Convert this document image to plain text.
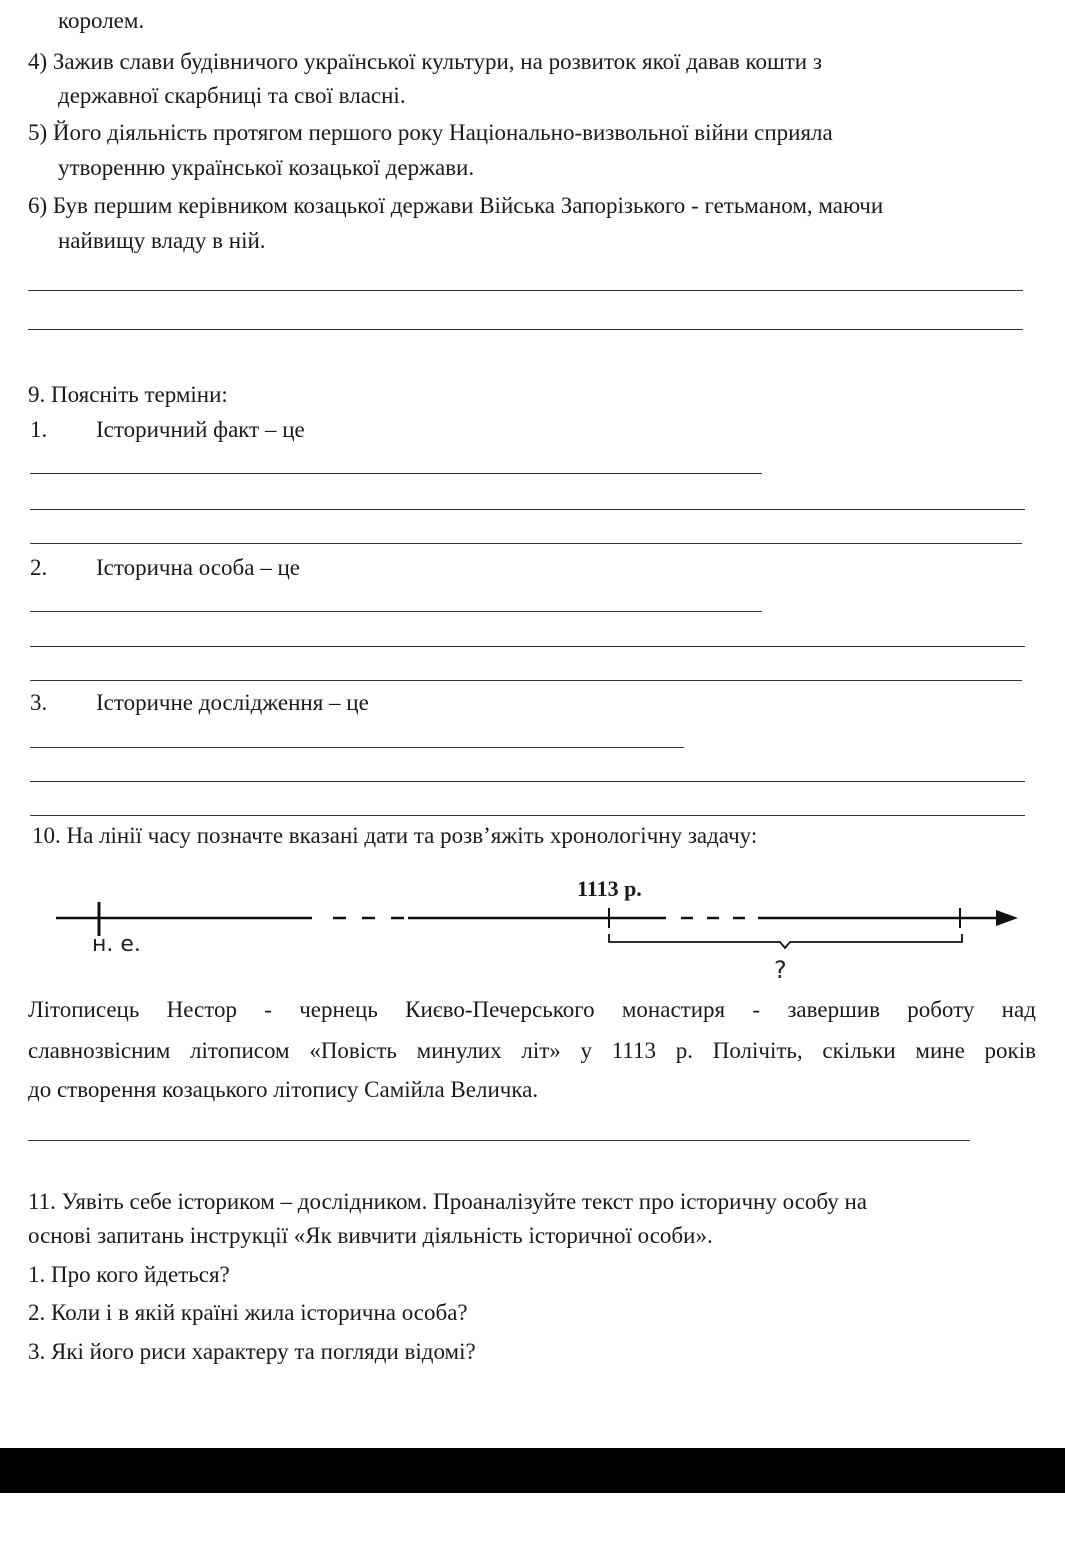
королем.
4) Зажив слави будівничого української культури, на розвиток якої давав кошти з
державної скарбниці та свої власні.
5) Його діяльність протягом першого року Національно-визвольної війни сприяла
утворенню української козацької держави.
6) Був першим керівником козацької держави Війська Запорізького - гетьманом, маючи
найвищу владу в ній.
9. Поясніть терміни:
1. Історичний факт – це
2. Історична особа – це
3. Історичне дослідження – це
10. На лінії часу позначте вказані дати та розв’яжіть хронологічну задачу:
1113 р.
н. е.
?
Літописець Нестор - чернець Києво-Печерського монастиря - завершив роботу над
славнозвісним літописом «Повість минулих літ» у 1113 р. Полічіть, скільки мине років
до створення козацького літопису Самійла Величка.
11. Уявіть себе істориком – дослідником. Проаналізуйте текст про історичну особу на
основі запитань інструкції «Як вивчити діяльність історичної особи».
1. Про кого йдеться?
2. Коли і в якій країні жила історична особа?
3. Які його риси характеру та погляди відомі?
